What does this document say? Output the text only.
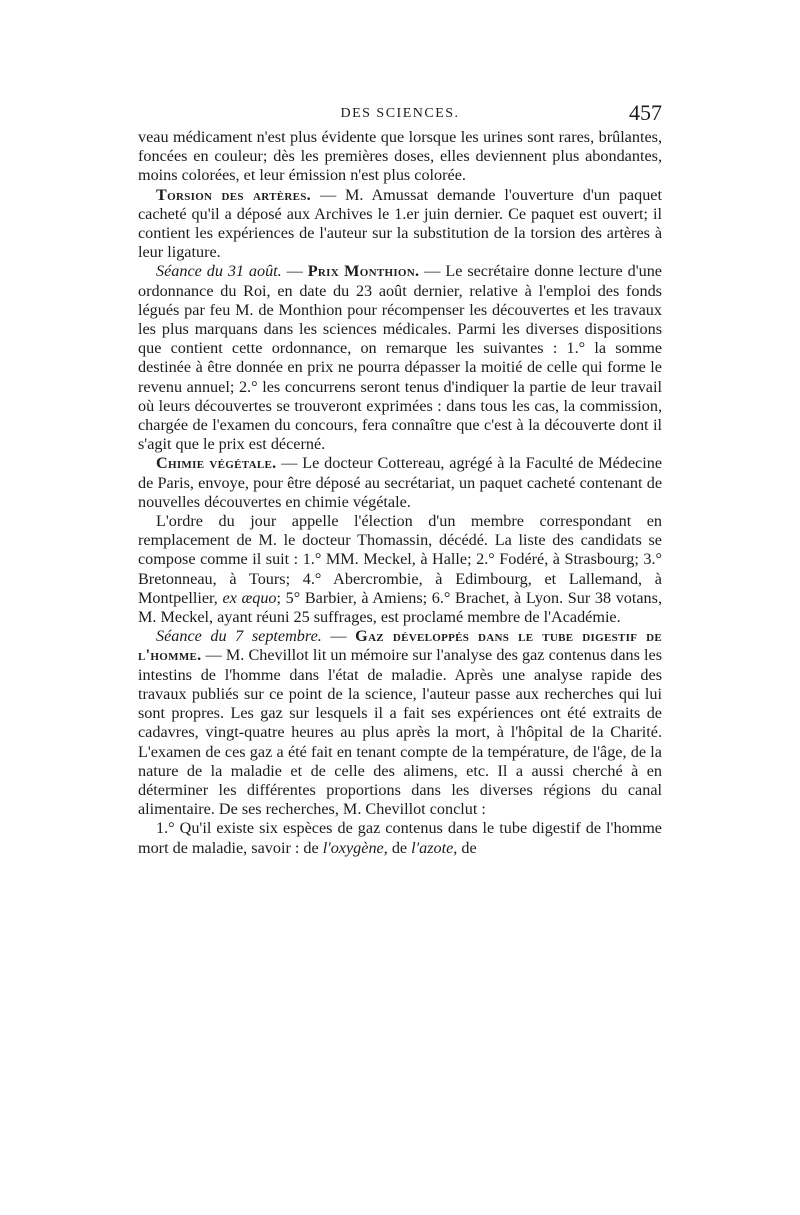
DES SCIENCES.	457

veau médicament n'est plus évidente que lorsque les urines sont rares, brûlantes, foncées en couleur; dès les premières doses, elles deviennent plus abondantes, moins colorées, et leur émission n'est plus colorée.

Torsion des artères. — M. Amussat demande l'ouverture d'un paquet cacheté qu'il a déposé aux Archives le 1.er juin dernier. Ce paquet est ouvert; il contient les expériences de l'auteur sur la substitution de la torsion des artères à leur ligature.

Séance du 31 août. — Prix Monthion. — Le secrétaire donne lecture d'une ordonnance du Roi, en date du 23 août dernier, relative à l'emploi des fonds légués par feu M. de Monthion pour récompenser les découvertes et les travaux les plus marquans dans les sciences médicales. Parmi les diverses dispositions que contient cette ordonnance, on remarque les suivantes : 1.° la somme destinée à être donnée en prix ne pourra dépasser la moitié de celle qui forme le revenu annuel; 2.° les concurrens seront tenus d'indiquer la partie de leur travail où leurs découvertes se trouveront exprimées : dans tous les cas, la commission, chargée de l'examen du concours, fera connaître que c'est à la découverte dont il s'agit que le prix est décerné.

Chimie végétale. — Le docteur Cottereau, agrégé à la Faculté de Médecine de Paris, envoye, pour être déposé au secrétariat, un paquet cacheté contenant de nouvelles découvertes en chimie végétale.

L'ordre du jour appelle l'élection d'un membre correspondant en remplacement de M. le docteur Thomassin, décédé. La liste des candidats se compose comme il suit : 1.° MM. Meckel, à Halle; 2.° Fodéré, à Strasbourg; 3.° Bretonneau, à Tours; 4.° Abercrombie, à Edimbourg, et Lallemand, à Montpellier, ex æquo; 5° Barbier, à Amiens; 6.° Brachet, à Lyon. Sur 38 votans, M. Meckel, ayant réuni 25 suffrages, est proclamé membre de l'Académie.

Séance du 7 septembre. — Gaz développés dans le tube digestif de l'homme. — M. Chevillot lit un mémoire sur l'analyse des gaz contenus dans les intestins de l'homme dans l'état de maladie. Après une analyse rapide des travaux publiés sur ce point de la science, l'auteur passe aux recherches qui lui sont propres. Les gaz sur lesquels il a fait ses expériences ont été extraits de cadavres, vingt-quatre heures au plus après la mort, à l'hôpital de la Charité. L'examen de ces gaz a été fait en tenant compte de la température, de l'âge, de la nature de la maladie et de celle des alimens, etc. Il a aussi cherché à en déterminer les différentes proportions dans les diverses régions du canal alimentaire. De ses recherches, M. Chevillot conclut :

1.° Qu'il existe six espèces de gaz contenus dans le tube digestif de l'homme mort de maladie, savoir : de l'oxygène, de l'azote, de
